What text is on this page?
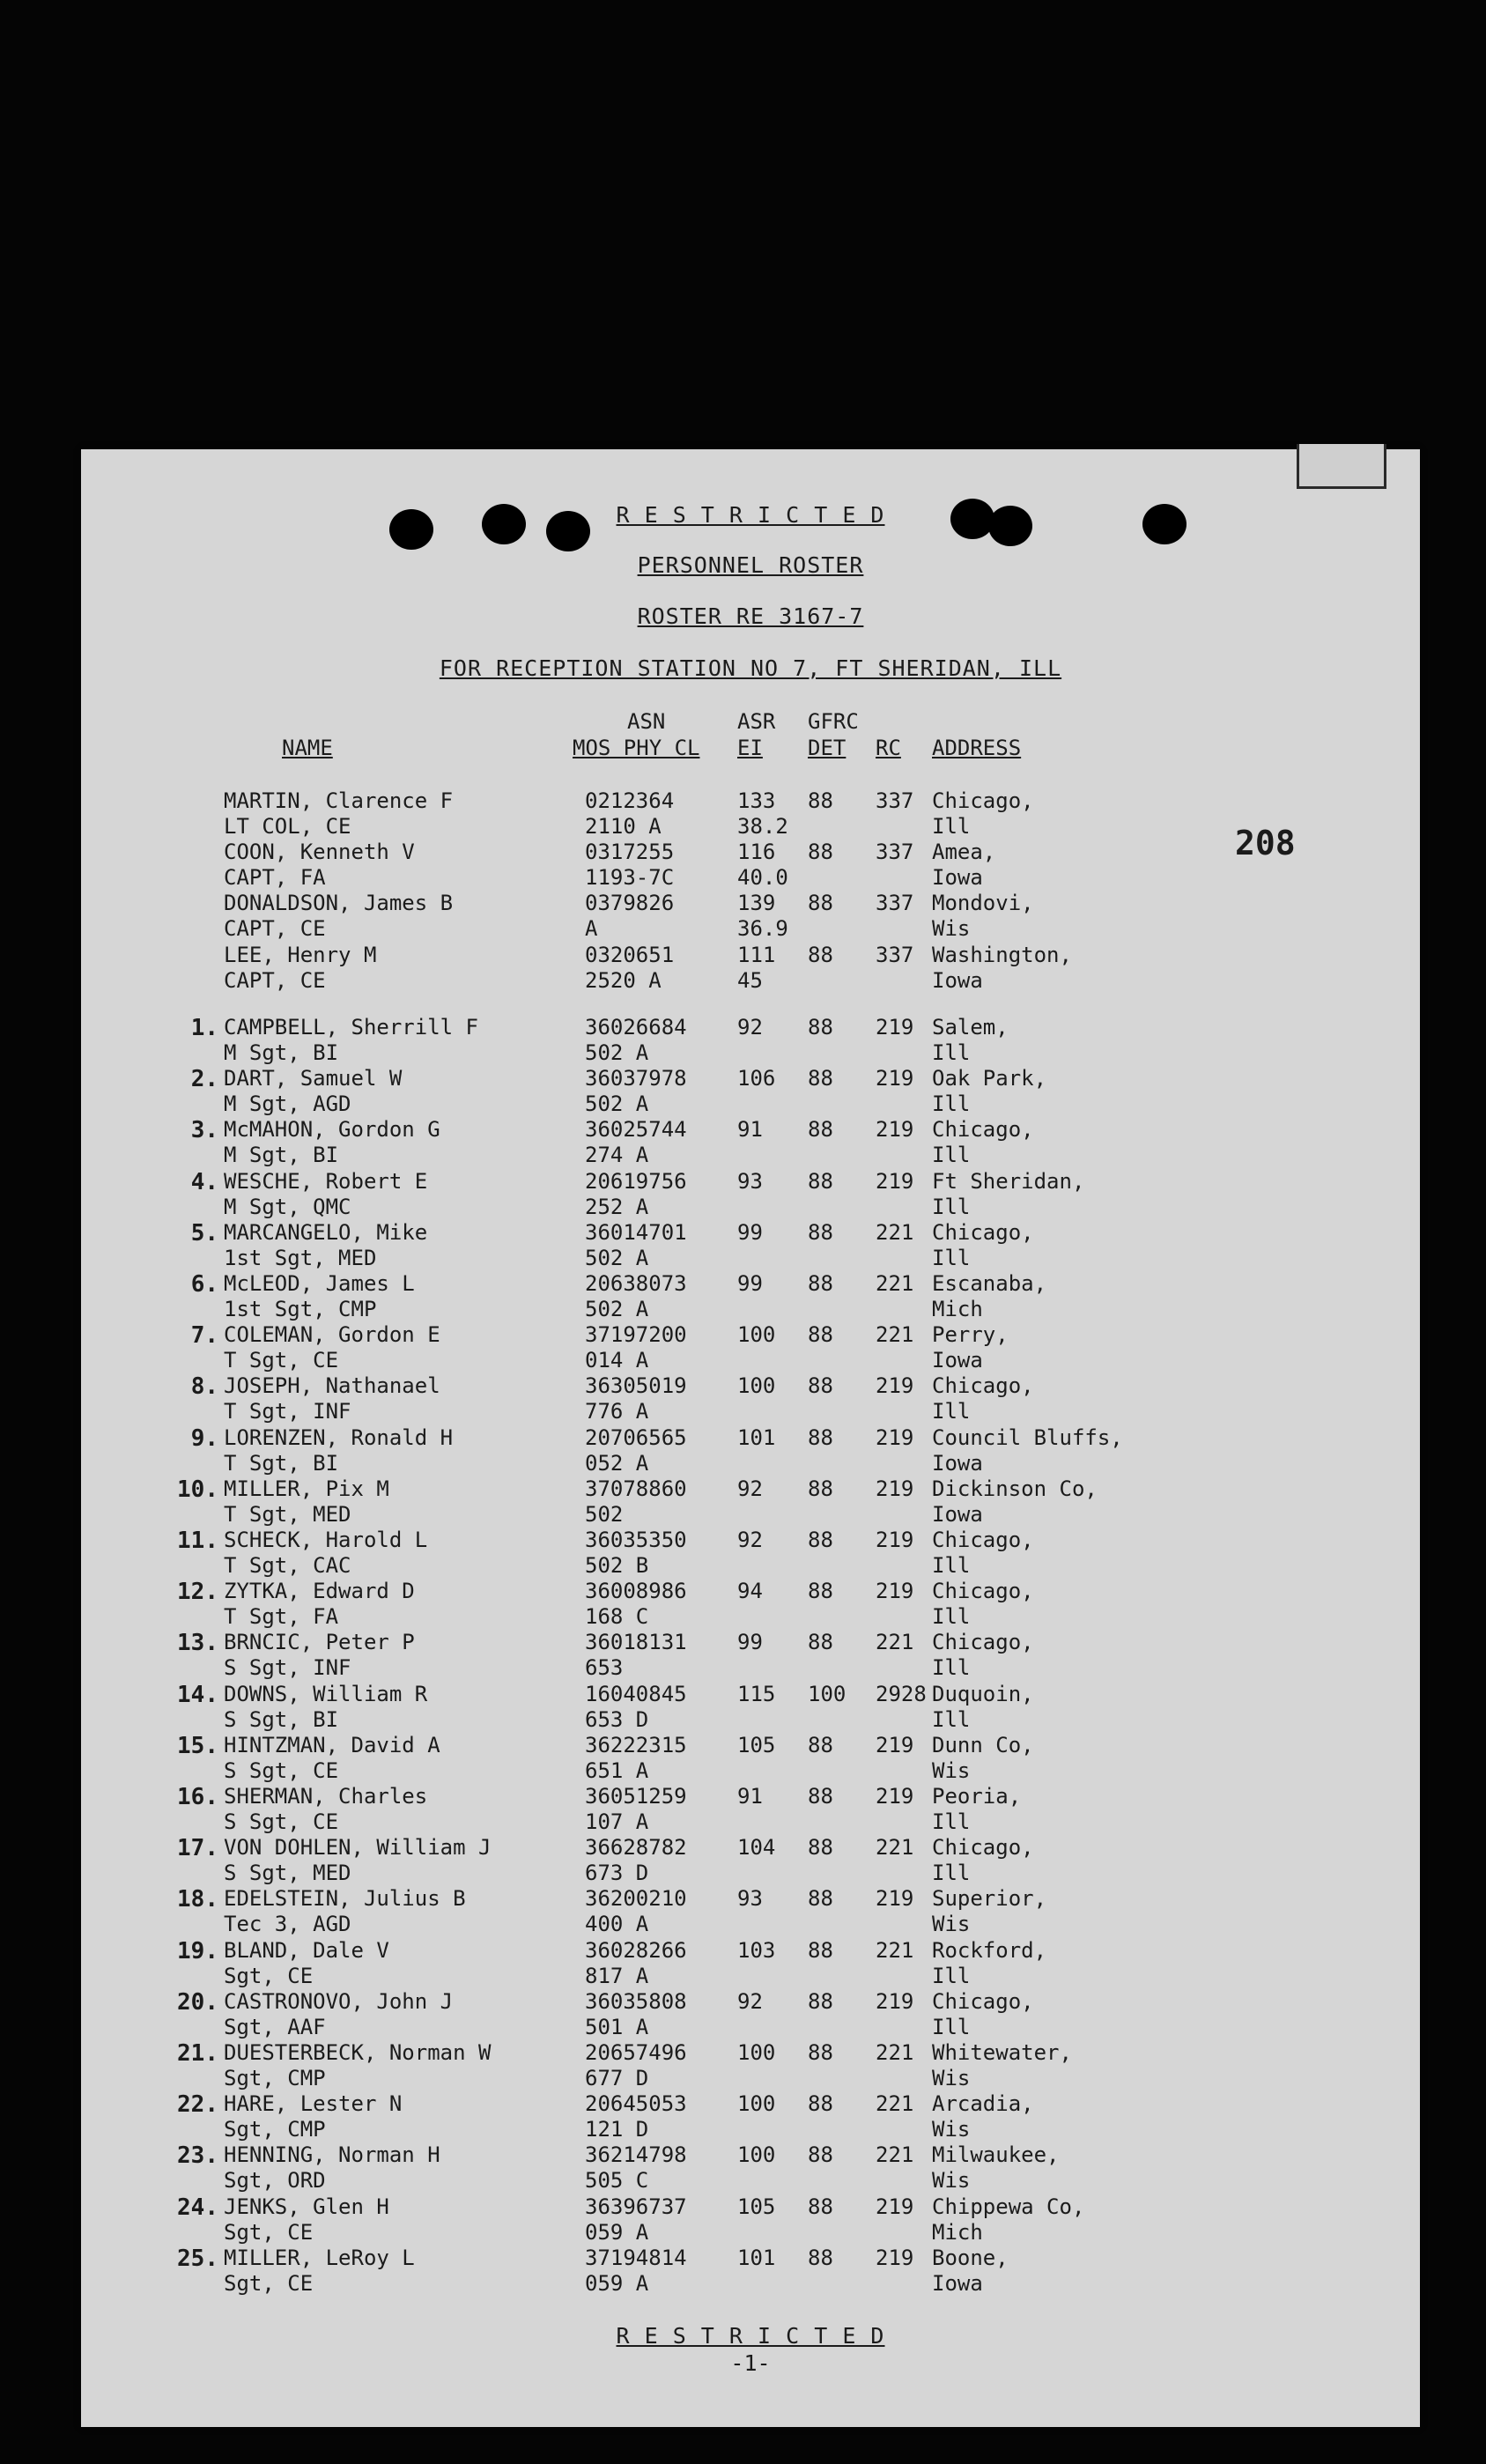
R E S T R I C T E D
PERSONNEL ROSTER
ROSTER RE 3167-7
FOR RECEPTION STATION NO 7, FT SHERIDAN, ILL
208
NAME
ASN
MOS PHY CL
ASR
EI
GFRC
DET RC ADDRESS
MARTIN, Clarence F
LT COL, CE
0212364
2110 A
133
38.2
88 337 Chicago,
Ill
COON, Kenneth V
CAPT, FA
0317255
1193-7C
116
40.0
88 337 Amea,
Iowa
DONALDSON, James B
CAPT, CE
0379826
A
139
36.9
88 337 Mondovi,
Wis
LEE, Henry M
CAPT, CE
0320651
2520 A
111
45
88 337 Washington,
Iowa
1. CAMPBELL, Sherrill F
M Sgt, BI
36026684
502 A
92 88 219 Salem,
Ill
2. DART, Samuel W
M Sgt, AGD
36037978
502 A
106 88 219 Oak Park,
Ill
3. McMAHON, Gordon G
M Sgt, BI
36025744
274 A
91 88 219 Chicago,
Ill
4. WESCHE, Robert E
M Sgt, QMC
20619756
252 A
93 88 219 Ft Sheridan,
Ill
5. MARCANGELO, Mike
1st Sgt, MED
36014701
502 A
99 88 221 Chicago,
Ill
6. McLEOD, James L
1st Sgt, CMP
20638073
502 A
99 88 221 Escanaba,
Mich
7. COLEMAN, Gordon E
T Sgt, CE
37197200
014 A
100 88 221 Perry,
Iowa
8. JOSEPH, Nathanael
T Sgt, INF
36305019
776 A
100 88 219 Chicago,
Ill
9. LORENZEN, Ronald H
T Sgt, BI
20706565
052 A
101 88 219 Council Bluffs,
Iowa
10. MILLER, Pix M
T Sgt, MED
37078860
502
92 88 219 Dickinson Co,
Iowa
11. SCHECK, Harold L
T Sgt, CAC
36035350
502 B
92 88 219 Chicago,
Ill
12. ZYTKA, Edward D
T Sgt, FA
36008986
168 C
94 88 219 Chicago,
Ill
13. BRNCIC, Peter P
S Sgt, INF
36018131
653
99 88 221 Chicago,
Ill
14. DOWNS, William R
S Sgt, BI
16040845
653 D
115 100 2928 Duquoin,
Ill
15. HINTZMAN, David A
S Sgt, CE
36222315
651 A
105 88 219 Dunn Co,
Wis
16. SHERMAN, Charles
S Sgt, CE
36051259
107 A
91 88 219 Peoria,
Ill
17. VON DOHLEN, William J
S Sgt, MED
36628782
673 D
104 88 221 Chicago,
Ill
18. EDELSTEIN, Julius B
Tec 3, AGD
36200210
400 A
93 88 219 Superior,
Wis
19. BLAND, Dale V
Sgt, CE
36028266
817 A
103 88 221 Rockford,
Ill
20. CASTRONOVO, John J
Sgt, AAF
36035808
501 A
92 88 219 Chicago,
Ill
21. DUESTERBECK, Norman W
Sgt, CMP
20657496
677 D
100 88 221 Whitewater,
Wis
22. HARE, Lester N
Sgt, CMP
20645053
121 D
100 88 221 Arcadia,
Wis
23. HENNING, Norman H
Sgt, ORD
36214798
505 C
100 88 221 Milwaukee,
Wis
24. JENKS, Glen H
Sgt, CE
36396737
059 A
105 88 219 Chippewa Co,
Mich
25. MILLER, LeRoy L
Sgt, CE
37194814
059 A
101 88 219 Boone,
Iowa
R E S T R I C T E D
-1-
